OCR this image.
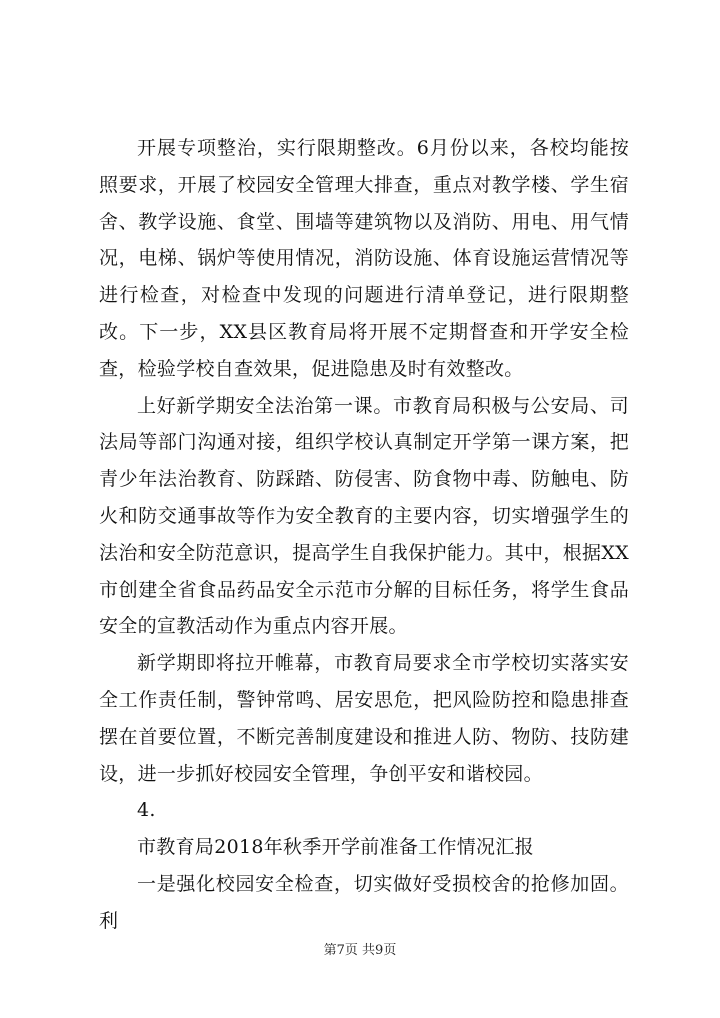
开展专项整治，实行限期整改。6月份以来，各校均能按照要求，开展了校园安全管理大排查，重点对教学楼、学生宿舍、教学设施、食堂、围墙等建筑物以及消防、用电、用气情况，电梯、锅炉等使用情况，消防设施、体育设施运营情况等进行检查，对检查中发现的问题进行清单登记，进行限期整改。下一步，XX县区教育局将开展不定期督查和开学安全检查，检验学校自查效果，促进隐患及时有效整改。

上好新学期安全法治第一课。市教育局积极与公安局、司法局等部门沟通对接，组织学校认真制定开学第一课方案，把青少年法治教育、防踩踏、防侵害、防食物中毒、防触电、防火和防交通事故等作为安全教育的主要内容，切实增强学生的法治和安全防范意识，提高学生自我保护能力。其中，根据XX市创建全省食品药品安全示范市分解的目标任务，将学生食品安全的宣教活动作为重点内容开展。

新学期即将拉开帷幕，市教育局要求全市学校切实落实安全工作责任制，警钟常鸣、居安思危，把风险防控和隐患排查摆在首要位置，不断完善制度建设和推进人防、物防、技防建设，进一步抓好校园安全管理，争创平安和谐校园。

4.

市教育局2018年秋季开学前准备工作情况汇报

一是强化校园安全检查，切实做好受损校舍的抢修加固。利

第7页 共9页
